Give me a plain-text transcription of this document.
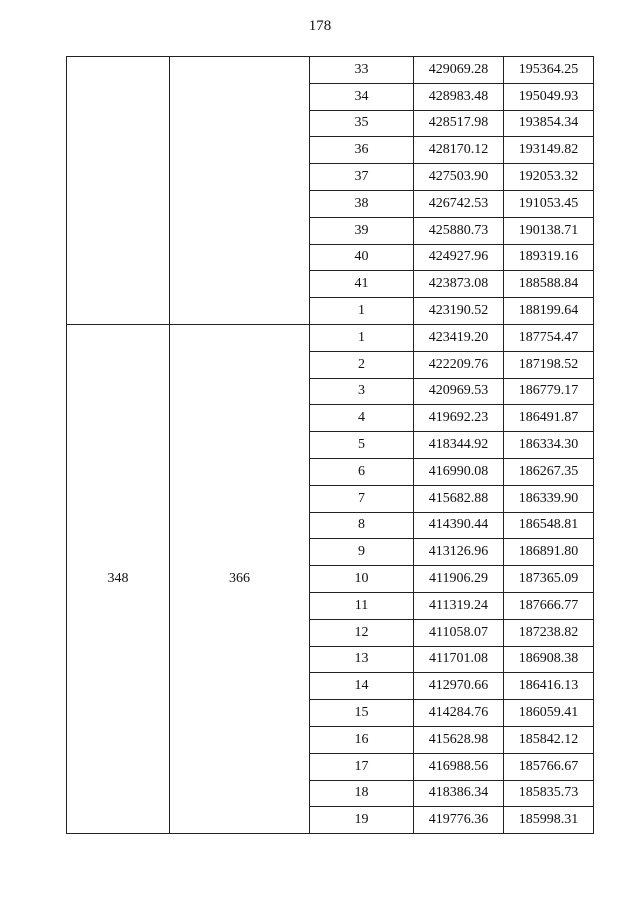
178
		33	429069.28	195364.25
		34	428983.48	195049.93
		35	428517.98	193854.34
		36	428170.12	193149.82
		37	427503.90	192053.32
		38	426742.53	191053.45
		39	425880.73	190138.71
		40	424927.96	189319.16
		41	423873.08	188588.84
		1	423190.52	188199.64
348	366	1	423419.20	187754.47
		2	422209.76	187198.52
		3	420969.53	186779.17
		4	419692.23	186491.87
		5	418344.92	186334.30
		6	416990.08	186267.35
		7	415682.88	186339.90
		8	414390.44	186548.81
		9	413126.96	186891.80
		10	411906.29	187365.09
		11	411319.24	187666.77
		12	411058.07	187238.82
		13	411701.08	186908.38
		14	412970.66	186416.13
		15	414284.76	186059.41
		16	415628.98	185842.12
		17	416988.56	185766.67
		18	418386.34	185835.73
		19	419776.36	185998.31
